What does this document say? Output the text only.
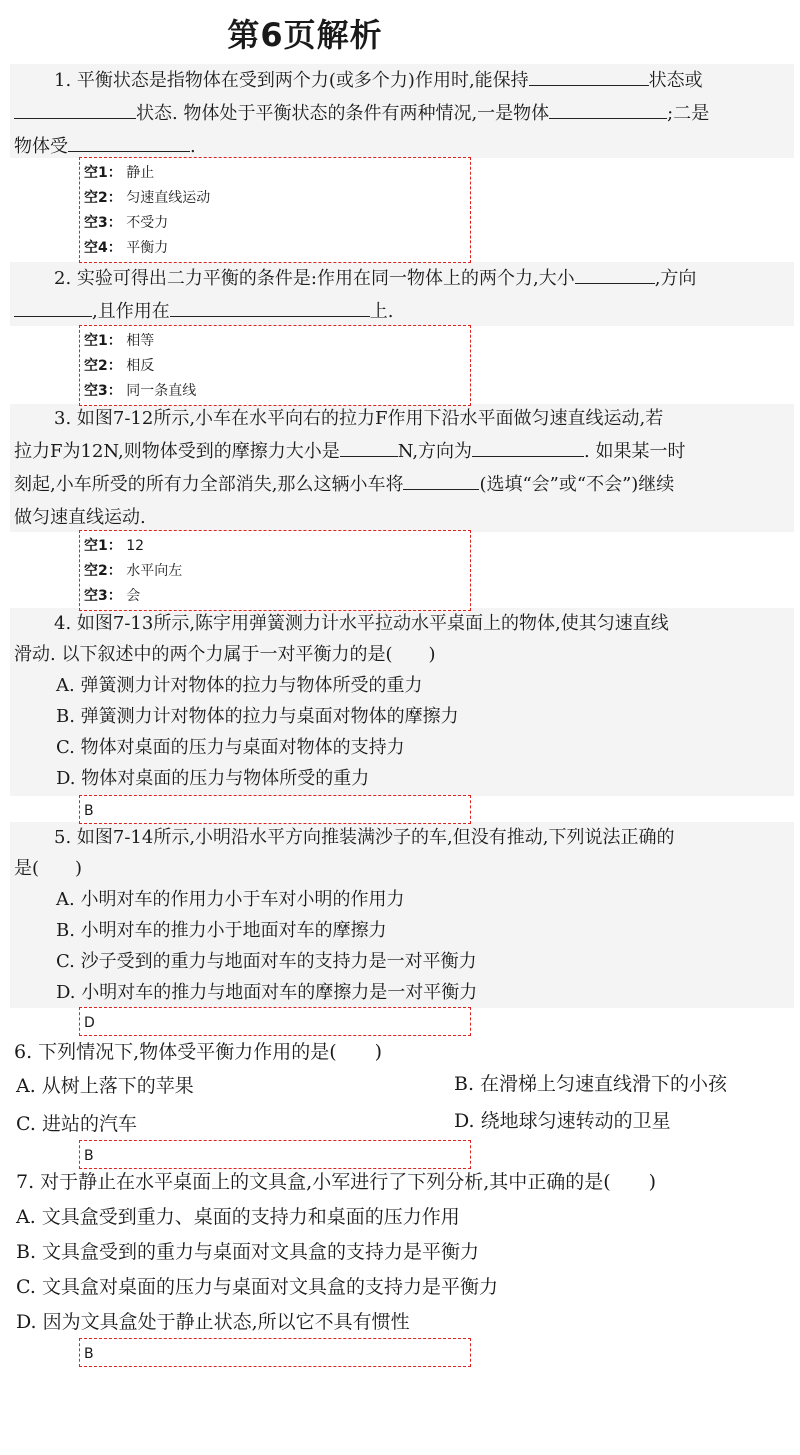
第6页解析
1. 平衡状态是指物体在受到两个力(或多个力)作用时,能保持	状态或
状态. 物体处于平衡状态的条件有两种情况,一是物体	;二是
物体受	.
空1： 静止
空2： 匀速直线运动
空3： 不受力
空4： 平衡力
2. 实验可得出二力平衡的条件是:作用在同一物体上的两个力,大小	,方向
,且作用在	上.
空1： 相等
空2： 相反
空3： 同一条直线
3. 如图7-12所示,小车在水平向右的拉力F作用下沿水平面做匀速直线运动,若
拉力F为12N,则物体受到的摩擦力大小是	N,方向为	. 如果某一时
刻起,小车所受的所有力全部消失,那么这辆小车将	(选填“会”或“不会”)继续
做匀速直线运动.
空1： 12
空2： 水平向左
空3： 会
4. 如图7-13所示,陈宇用弹簧测力计水平拉动水平桌面上的物体,使其匀速直线
滑动. 以下叙述中的两个力属于一对平衡力的是(　　)
A. 弹簧测力计对物体的拉力与物体所受的重力
B. 弹簧测力计对物体的拉力与桌面对物体的摩擦力
C. 物体对桌面的压力与桌面对物体的支持力
D. 物体对桌面的压力与物体所受的重力
B
5. 如图7-14所示,小明沿水平方向推装满沙子的车,但没有推动,下列说法正确的
是(　　)
A. 小明对车的作用力小于车对小明的作用力
B. 小明对车的推力小于地面对车的摩擦力
C. 沙子受到的重力与地面对车的支持力是一对平衡力
D. 小明对车的推力与地面对车的摩擦力是一对平衡力
D
6. 下列情况下,物体受平衡力作用的是(　　)
A. 从树上落下的苹果	B. 在滑梯上匀速直线滑下的小孩
C. 进站的汽车	D. 绕地球匀速转动的卫星
B
7. 对于静止在水平桌面上的文具盒,小军进行了下列分析,其中正确的是(　　)
A. 文具盒受到重力、桌面的支持力和桌面的压力作用
B. 文具盒受到的重力与桌面对文具盒的支持力是平衡力
C. 文具盒对桌面的压力与桌面对文具盒的支持力是平衡力
D. 因为文具盒处于静止状态,所以它不具有惯性
B
